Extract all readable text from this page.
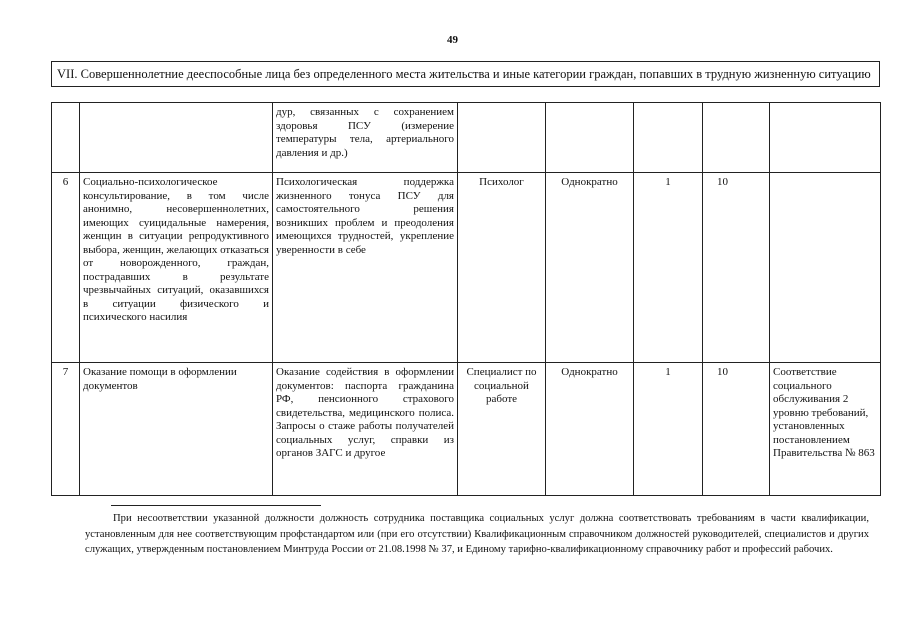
49
VII. Совершеннолетние дееспособные лица без определенного места жительства и иные категории граждан, попавших в трудную жизненную ситуацию
		дур, связанных с сохранением здоровья ПСУ (измерение температуры тела, артериального давления и др.)					
6	Социально-психологическое консультирование, в том числе анонимно, несовершеннолетних, имеющих суицидальные намерения, женщин в ситуации репродуктивного выбора, женщин, желающих отказаться от новорожденного, граждан, пострадавших в результате чрезвычайных ситуаций, оказавшихся в ситуации физического и психического насилия	Психологическая поддержка жизненного тонуса ПСУ для самостоятельного решения возникших проблем и преодоления имеющихся трудностей, укрепление уверенности в себе	Психолог	Однократно	1	10	
7	Оказание помощи в оформлении документов	Оказание содействия в оформлении документов: паспорта гражданина РФ, пенсионного страхового свидетельства, медицинского полиса. Запросы о стаже работы получателей социальных услуг, справки из органов ЗАГС и другое	Специалист по социальной работе	Однократно	1	10	Соответствие социального обслуживания 2 уровню требований, установленных постановлением Правительства № 863
При несоответствии указанной должности должность сотрудника поставщика социальных услуг должна соответствовать требованиям в части квалификации, установленным для нее соответствующим профстандартом или (при его отсутствии) Квалификационным справочником должностей руководителей, специалистов и других служащих, утвержденным постановлением Минтруда России от 21.08.1998 № 37, и Единому тарифно-квалификационному справочнику работ и профессий рабочих.
